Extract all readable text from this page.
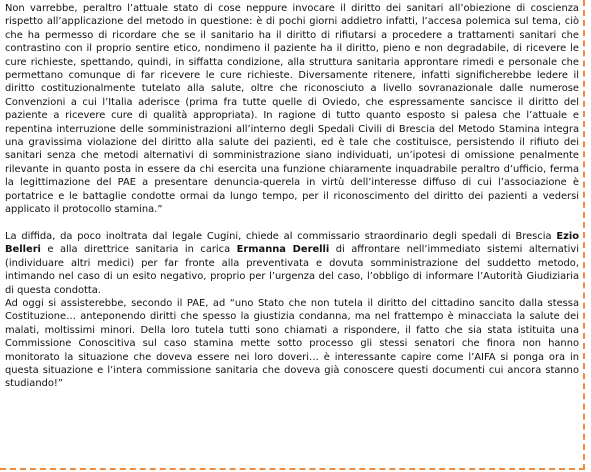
Non varrebbe, peraltro l’attuale stato di cose neppure invocare il diritto dei sanitari all’obiezione di coscienza rispetto all’applicazione del metodo in questione: è di pochi giorni addietro infatti, l’accesa polemica sul tema, ciò che ha permesso di ricordare che se il sanitario ha il diritto di rifiutarsi a procedere a trattamenti sanitari che contrastino con il proprio sentire etico, nondimeno il paziente ha il diritto, pieno e non degradabile, di ricevere le cure richieste, spettando, quindi, in siffatta condizione, alla struttura sanitaria approntare rimedi e personale che permettano comunque di far ricevere le cure richieste. Diversamente ritenere, infatti significherebbe ledere il diritto costituzionalmente tutelato alla salute, oltre che riconosciuto a livello sovranazionale dalle numerose Convenzioni a cui l’Italia aderisce (prima fra tutte quelle di Oviedo, che espressamente sancisce il diritto del paziente a ricevere cure di qualità appropriata). In ragione di tutto quanto esposto si palesa che l’attuale e repentina interruzione delle somministrazioni all’interno degli Spedali Civili di Brescia del Metodo Stamina integra una gravissima violazione del diritto alla salute dei pazienti, ed è tale che costituisce, persistendo il rifiuto dei sanitari senza che metodi alternativi di somministrazione siano individuati, un’ipotesi di omissione penalmente rilevante in quanto posta in essere da chi esercita una funzione chiaramente inquadrabile peraltro d’ufficio, ferma la legittimazione del PAE a presentare denuncia-querela in virtù dell’interesse diffuso di cui l’associazione è portatrice e le battaglie condotte ormai da lungo tempo, per il riconoscimento del diritto dei pazienti a vedersi applicato il protocollo stamina.”

La diffida, da poco inoltrata dal legale Cugini, chiede al commissario straordinario degli spedali di Brescia Ezio Belleri e alla direttrice sanitaria in carica Ermanna Derelli di affrontare nell’immediato sistemi alternativi (individuare altri medici) per far fronte alla preventivata e dovuta somministrazione del suddetto metodo, intimando nel caso di un esito negativo, proprio per l’urgenza del caso, l’obbligo di informare l’Autorità Giudiziaria di questa condotta.

Ad oggi si assisterebbe, secondo il PAE, ad “uno Stato che non tutela il diritto del cittadino sancito dalla stessa Costituzione… anteponendo diritti che spesso la giustizia condanna, ma nel frattempo è minacciata la salute dei malati, moltissimi minori. Della loro tutela tutti sono chiamati a rispondere, il fatto che sia stata istituita una Commissione Conoscitiva sul caso stamina mette sotto processo gli stessi senatori che finora non hanno monitorato la situazione che doveva essere nei loro doveri… è interessante capire come l’AIFA si ponga ora in questa situazione e l’intera commissione sanitaria che doveva già conoscere questi documenti cui ancora stanno studiando!”
